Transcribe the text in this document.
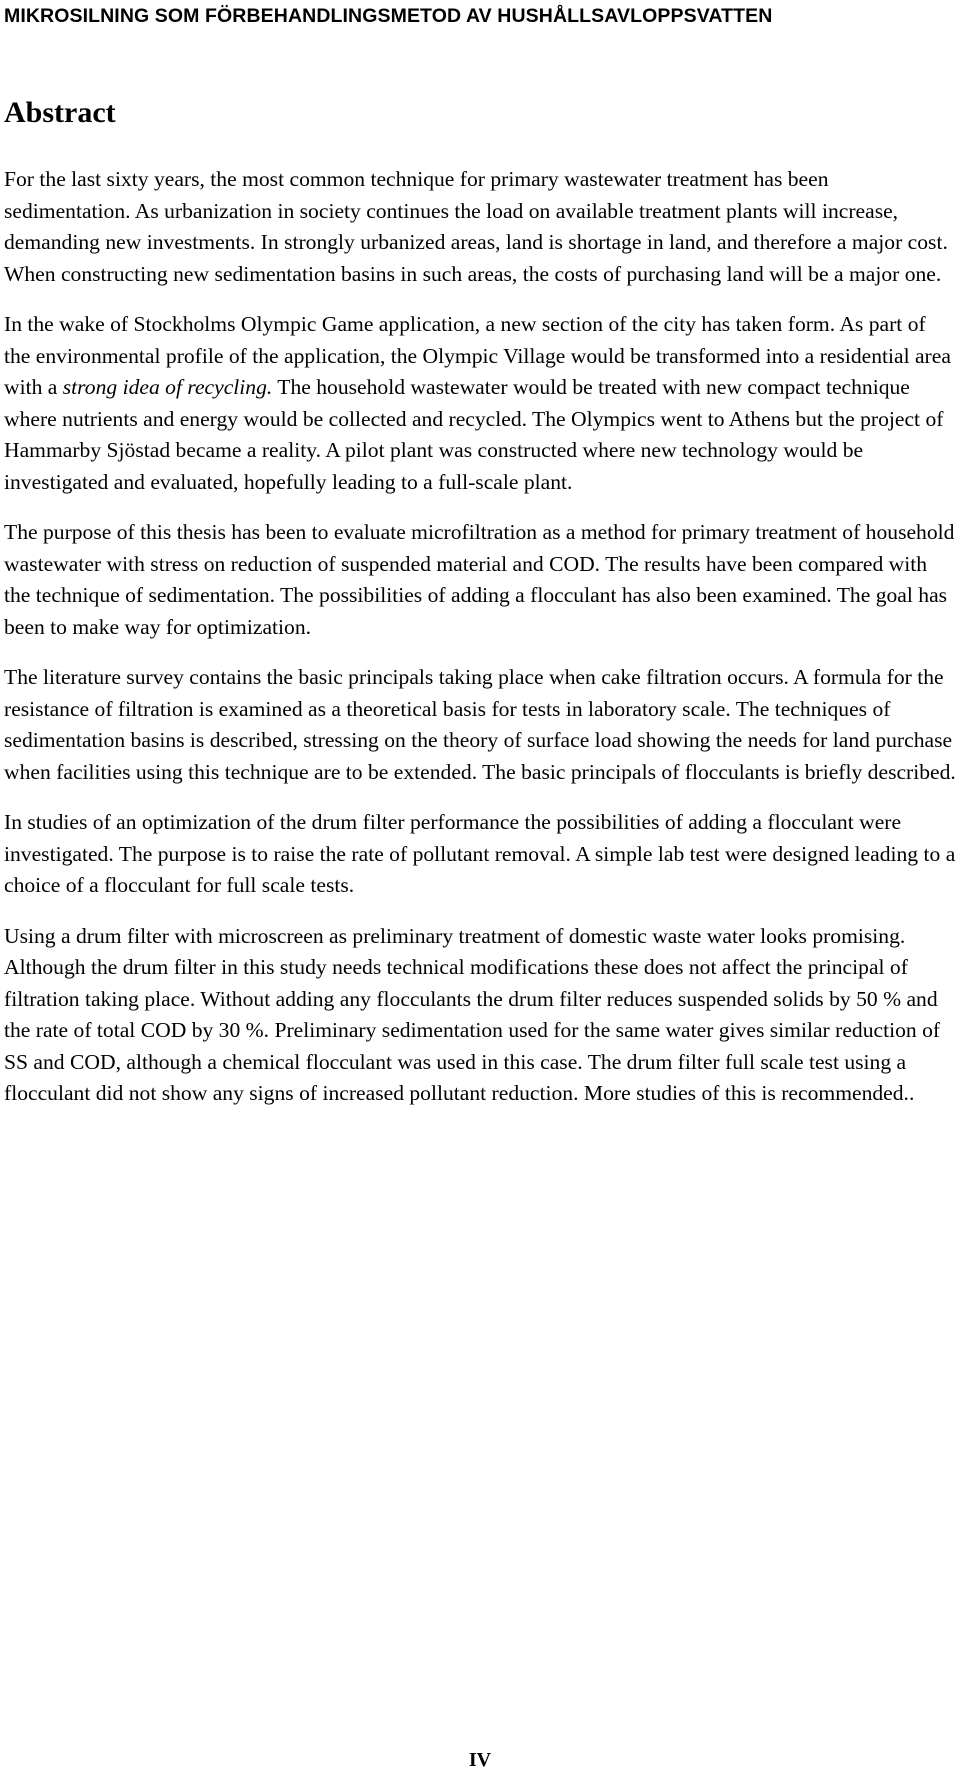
MIKROSILNING SOM FÖRBEHANDLINGSMETOD AV HUSHÅLLSAVLOPPSVATTEN
Abstract

For the last sixty years, the most common technique for primary wastewater treatment has been sedimentation. As urbanization in society continues the load on available treatment plants will increase, demanding new investments. In strongly urbanized areas, land is shortage in land, and therefore a major cost. When constructing new sedimentation basins in such areas, the costs of purchasing land will be a major one.

In the wake of Stockholms Olympic Game application, a new section of the city has taken form. As part of the environmental profile of the application, the Olympic Village would be transformed into a residential area with a strong idea of recycling. The household wastewater would be treated with new compact technique where nutrients and energy would be collected and recycled. The Olympics went to Athens but the project of Hammarby Sjöstad became a reality. A pilot plant was constructed where new technology would be investigated and evaluated, hopefully leading to a full-scale plant.

The purpose of this thesis has been to evaluate microfiltration as a method for primary treatment of household wastewater with stress on reduction of suspended material and COD. The results have been compared with the technique of sedimentation. The possibilities of adding a flocculant has also been examined. The goal has been to make way for optimization.

The literature survey contains the basic principals taking place when cake filtration occurs. A formula for the resistance of filtration is examined as a theoretical basis for tests in laboratory scale. The techniques of sedimentation basins is described, stressing on the theory of surface load showing the needs for land purchase when facilities using this technique are to be extended. The basic principals of flocculants is briefly described.

In studies of an optimization of the drum filter performance the possibilities of adding a flocculant were investigated. The purpose is to raise the rate of pollutant removal. A simple lab test were designed leading to a choice of a flocculant for full scale tests.

Using a drum filter with microscreen as preliminary treatment of domestic waste water looks promising. Although the drum filter in this study needs technical modifications these does not affect the principal of filtration taking place. Without adding any flocculants the drum filter reduces suspended solids by 50 % and the rate of total COD by 30 %. Preliminary sedimentation used for the same water gives similar reduction of SS and COD, although a chemical flocculant was used in this case. The drum filter full scale test using a flocculant did not show any signs of increased pollutant reduction. More studies of this is recommended..

IV
